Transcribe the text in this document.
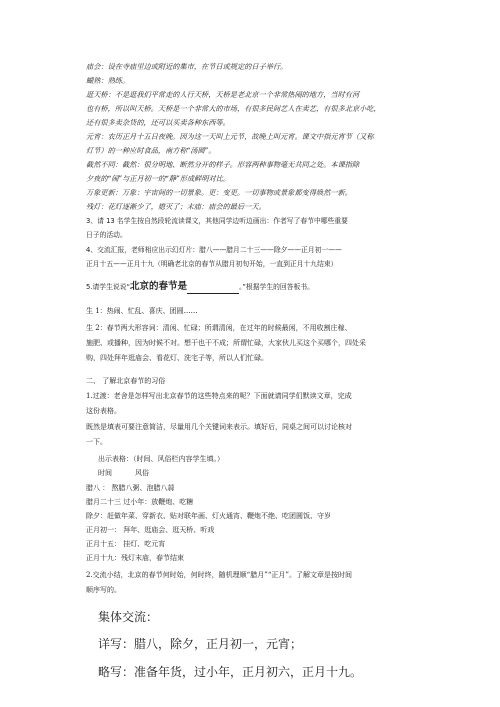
庙会：设在寺庙里边或附近的集市，在节日或规定的日子举行。
蝴熟：熟练。
逛天桥：不是逛我们平常走的人行天桥，天桥是老北京一个非常热闹的地方，当时有河
也有桥，所以叫天桥。天桥是一个非常大的市场，有很多民间艺人在卖艺，有很多北京小吃，
还有很多卖杂货的，还可以买卖各种东西等。
元宵：农历正月十五日夜晚。因为这一天叫上元节，故晚上叫元宵。课文中指元宵节（又称
灯节）的一种应时食品，南方称“汤圆”。
截然不同：截然：很分明地、断然分开的样子。形容两种事物毫无共同之处。本课指除
夕夜的“闹”与正月初一的“静”形成鲜明对比。
万象更新：万象：宇宙间的一切景象。更：变更。一切事物或景象都变得焕然一新。
残灯：花灯逐渐少了，熄灭了；末庙：庙会的最后一天。
3、请 13 名学生按自然段轮流读课文，其他同学边听边画出：作者写了春节中哪些重要
日子的活动。
4、交流汇报，老师相应出示幻灯片：腊八——腊月二十三——除夕——正月初一——
正月十五——正月十九（明确老北京的春节从腊月初旬开始，一直到正月十九结束）
5.请学生说说“北京的春节是	。”根据学生的回答板书。
生 1：热闹、忙乱、喜庆、团圆……
生 2：春节两大形容词：清闲、忙碌；所谓清闲，在过年的时候最闲，不用收割庄稼、
施肥、或播种，因为时候不对。想干也干不成；所谓忙碌，大家伙儿买这个买哪个，四处采
购，四处拜年逛庙会、看花灯、洗宅子等，所以人们忙碌。
二、 了解北京春节的习俗
1.过渡：老舍是怎样写出北京春节的这些特点来的呢？下面就请同学们默读文章，完成
这份表格。
既然是填表可要注意简洁，尽量用几个关键词来表示。填好后，同桌之间可以讨论核对
一下。
出示表格：（时间、风俗栏内容学生填。）
时间	风俗
腊八 ： 熬腊八粥、泡腊八蒜
腊月二十三 过小年：放鞭炮、吃糖
除夕：赶做年菜、穿新衣、贴对联年画、灯火通宵、鞭炮不绝、吃团圆饭、守岁
正月初一： 拜年、逛庙会、逛天桥、听戏
正月十五： 挂灯、吃元宵
正月十九：残灯末庙，春节结束
2.交流小结，北京的春节何时始，何时终，随机理顺“腊月”“正月”。了解文章是按时间
顺序写的。
集体交流：
详写：腊八，除夕，正月初一，元宵；
略写：准备年货，过小年，正月初六，正月十九。
